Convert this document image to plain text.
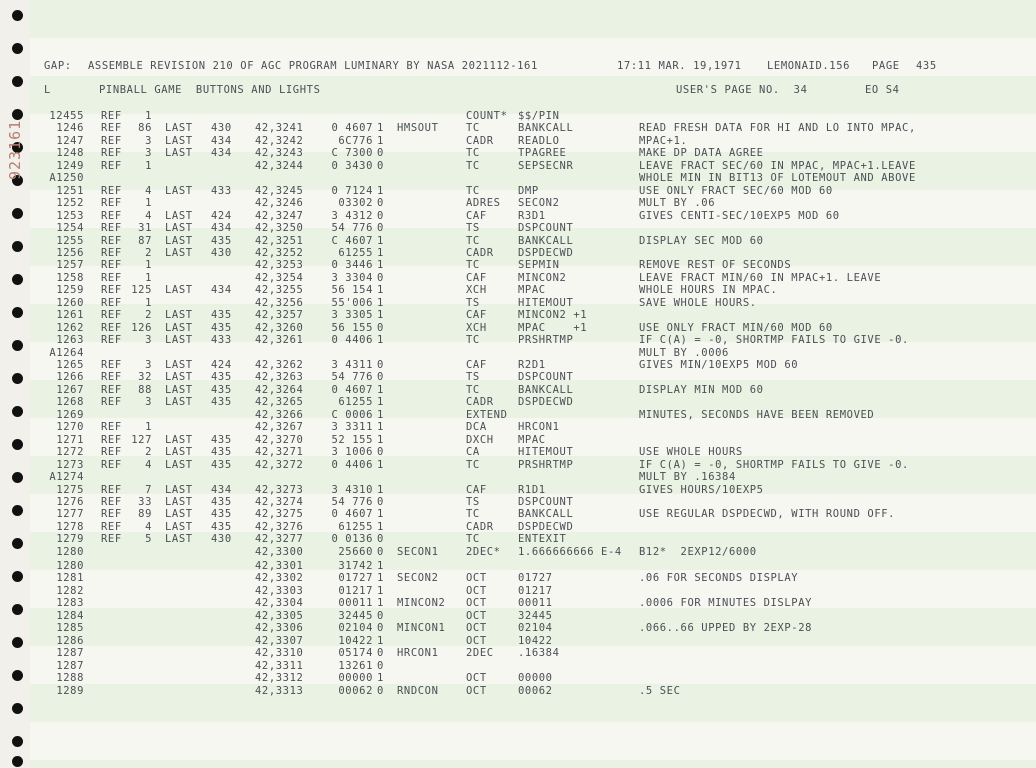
923161
GAP: ASSEMBLE REVISION 210 OF AGC PROGRAM LUMINARY BY NASA 2021112-161	17:11 MAR. 19,1971 LEMONAID.156 PAGE 435
L	PINBALL GAME  BUTTONS AND LIGHTS	USER'S PAGE NO.  34	EO S4
12455 REF 1	COUNT* $$/PIN
1246 REF 86 LAST 430 42,3241	0 4607 1 HMSOUT	TC	BANKCALL	READ FRESH DATA FOR HI AND LO INTO MPAC,
1247 REF 3 LAST 434 42,3242	6C776 1	CADR READLO	MPAC+1.
1248 REF 3 LAST 434 42,3243	C 7300 0	TC	TPAGREE	MAKE DP DATA AGREE
1249 REF 1	42,3244	0 3430 0	TC	SEPSECNR	LEAVE FRACT SEC/60 IN MPAC, MPAC+1.LEAVE
A1250	WHOLE MIN IN BIT13 OF LOTEMOUT AND ABOVE
1251 REF 4 LAST 433 42,3245	0 7124 1	TC	DMP	USE ONLY FRACT SEC/60 MOD 60
1252 REF 1	42,3246	03302 0	ADRES SECON2	MULT BY .06
1253 REF 4 LAST 424 42,3247	3 4312 0	CAF	R3D1	GIVES CENTI-SEC/10EXP5 MOD 60
1254 REF 31 LAST 434 42,3250	54 776 0	TS	DSPCOUNT
1255 REF 87 LAST 435 42,3251	C 4607 1	TC	BANKCALL	DISPLAY SEC MOD 60
1256 REF 2 LAST 430 42,3252	61255 1	CADR DSPDECWD
1257 REF 1	42,3253	0 3446 1	TC	SEPMIN	REMOVE REST OF SECONDS
1258 REF 1	42,3254	3 3304 0	CAF	MINCON2	LEAVE FRACT MIN/60 IN MPAC+1. LEAVE
1259 REF 125 LAST 434 42,3255	56 154 1	XCH	MPAC	WHOLE HOURS IN MPAC.
1260 REF 1	42,3256	55'006 1	TS	HITEMOUT	SAVE WHOLE HOURS.
1261 REF 2 LAST 435 42,3257	3 3305 1	CAF	MINCON2 +1
1262 REF 126 LAST 435 42,3260	56 155 0	XCH	MPAC    +1	USE ONLY FRACT MIN/60 MOD 60
1263 REF 3 LAST 433 42,3261	0 4406 1	TC	PRSHRTMP	IF C(A) = -0, SHORTMP FAILS TO GIVE -0.
A1264	MULT BY .0006
1265 REF 3 LAST 424 42,3262	3 4311 0	CAF	R2D1	GIVES MIN/10EXP5 MOD 60
1266 REF 32 LAST 435 42,3263	54 776 0	TS	DSPCOUNT
1267 REF 88 LAST 435 42,3264	0 4607 1	TC	BANKCALL	DISPLAY MIN MOD 60
1268 REF 3 LAST 435 42,3265	61255 1	CADR DSPDECWD
1269	42,3266	C 0006 1	EXTEND	MINUTES, SECONDS HAVE BEEN REMOVED
1270 REF 1	42,3267	3 3311 1	DCA	HRCON1
1271 REF 127 LAST 435 42,3270	52 155 1	DXCH MPAC
1272 REF 2 LAST 435 42,3271	3 1006 0	CA	HITEMOUT	USE WHOLE HOURS
1273 REF 4 LAST 435 42,3272	0 4406 1	TC	PRSHRTMP	IF C(A) = -0, SHORTMP FAILS TO GIVE -0.
A1274	MULT BY .16384
1275 REF 7 LAST 434 42,3273	3 4310 1	CAF	R1D1	GIVES HOURS/10EXP5
1276 REF 33 LAST 435 42,3274	54 776 0	TS	DSPCOUNT
1277 REF 89 LAST 435 42,3275	0 4607 1	TC	BANKCALL	USE REGULAR DSPDECWD, WITH ROUND OFF.
1278 REF 4 LAST 435 42,3276	61255 1	CADR DSPDECWD
1279 REF 5 LAST 430 42,3277	0 0136 0	TC	ENTEXIT
1280	42,3300	25660 0 SECON1	2DEC* 1.666666666 E-4 B12*  2EXP12/6000
1280	42,3301	31742 1
1281	42,3302	01727 1 SECON2	OCT	01727	.06 FOR SECONDS DISPLAY
1282	42,3303	01217 1	OCT	01217
1283	42,3304	00011 1 MINCON2 OCT	00011	.0006 FOR MINUTES DISLPAY
1284	42,3305	32445 0	OCT	32445
1285	42,3306	02104 0 MINCON1 OCT	02104	.066..66 UPPED BY 2EXP-28
1286	42,3307	10422 1	OCT	10422
1287	42,3310	05174 0 HRCON1	2DEC .16384
1287	42,3311	13261 0
1288	42,3312	00000 1	OCT	00000
1289	42,3313	00062 0 RNDCON	OCT	00062	.5 SEC
